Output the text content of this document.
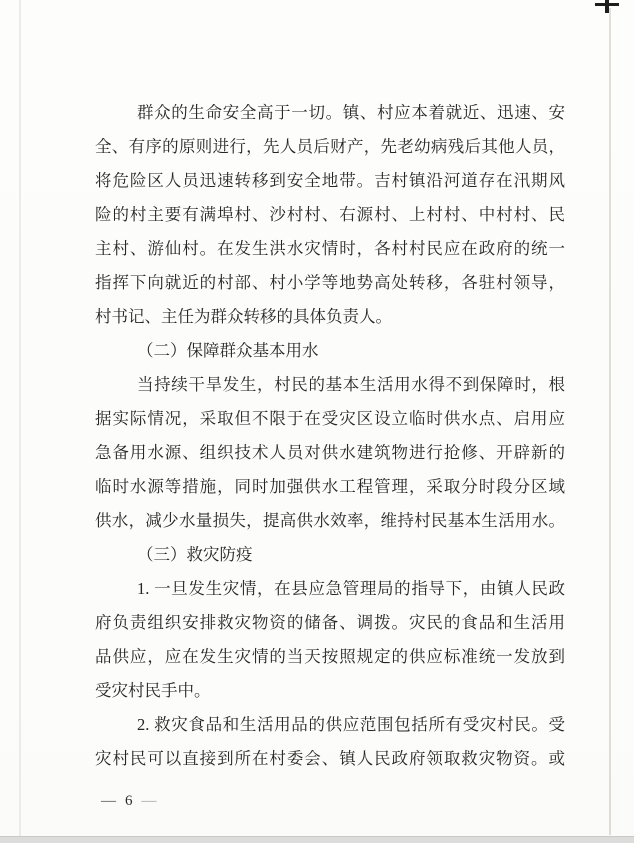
群众的生命安全高于一切。镇、村应本着就近、迅速、安
全、有序的原则进行，先人员后财产，先老幼病残后其他人员，
将危险区人员迅速转移到安全地带。吉村镇沿河道存在汛期风
险的村主要有满埠村、沙村村、右源村、上村村、中村村、民
主村、游仙村。在发生洪水灾情时，各村村民应在政府的统一
指挥下向就近的村部、村小学等地势高处转移，各驻村领导，
村书记、主任为群众转移的具体负责人。
（二）保障群众基本用水
当持续干旱发生，村民的基本生活用水得不到保障时，根
据实际情况，采取但不限于在受灾区设立临时供水点、启用应
急备用水源、组织技术人员对供水建筑物进行抢修、开辟新的
临时水源等措施，同时加强供水工程管理，采取分时段分区域
供水，减少水量损失，提高供水效率，维持村民基本生活用水。
（三）救灾防疫
1. 一旦发生灾情，在县应急管理局的指导下，由镇人民政
府负责组织安排救灾物资的储备、调拨。灾民的食品和生活用
品供应，应在发生灾情的当天按照规定的供应标准统一发放到
受灾村民手中。
2. 救灾食品和生活用品的供应范围包括所有受灾村民。受
灾村民可以直接到所在村委会、镇人民政府领取救灾物资。或
— 6 —
